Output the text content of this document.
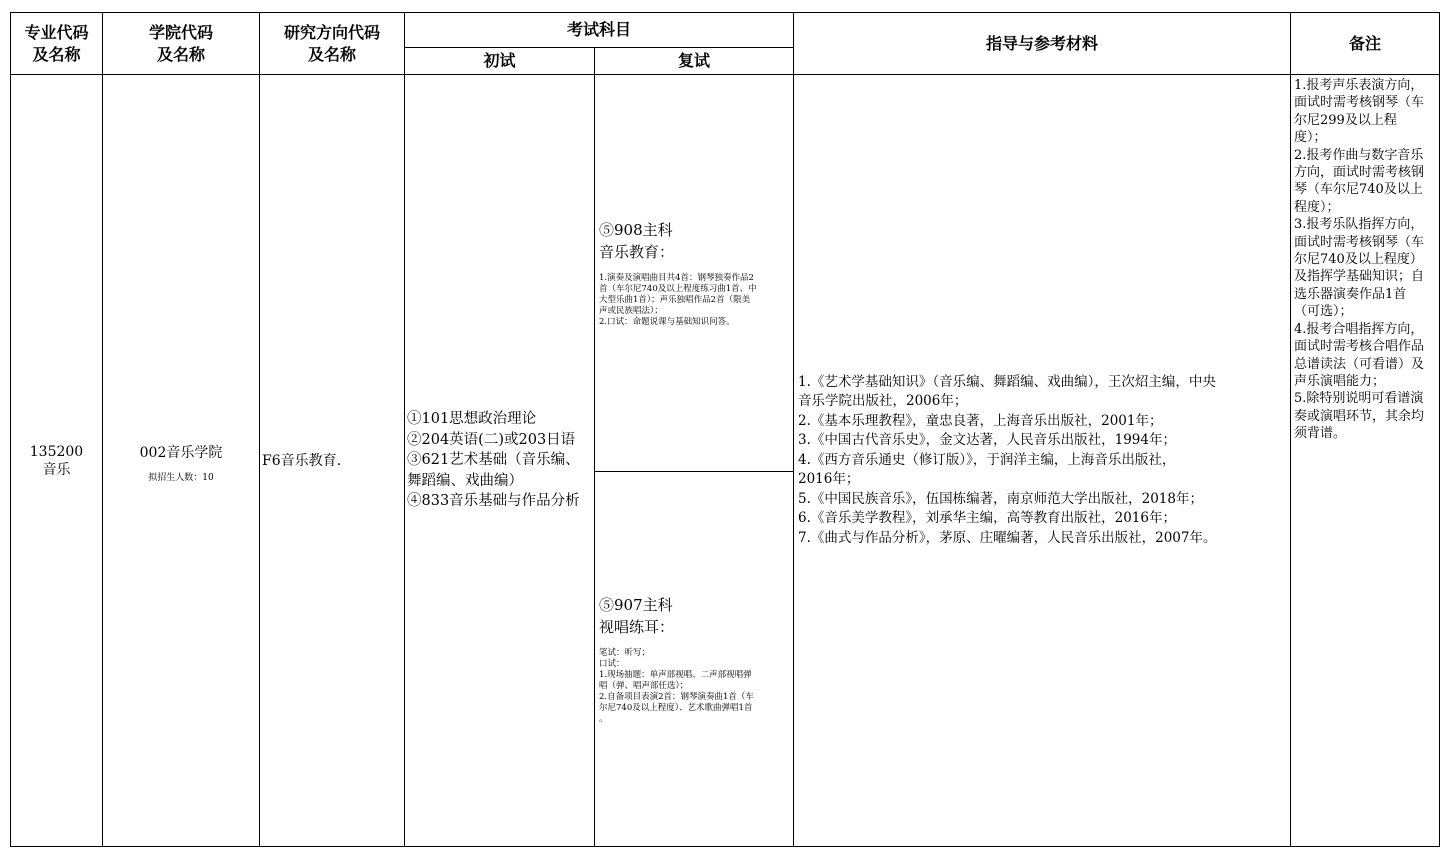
专业代码
及名称
学院代码
及名称
研究方向代码
及名称
考试科目
初试	复试
指导与参考材料	备注
135200
音乐
002音乐学院
拟招生人数：10
F6音乐教育.
①101思想政治理论
②204英语(二)或203日语
③621艺术基础（音乐编、
舞蹈编、戏曲编）
④833音乐基础与作品分析
⑤908主科
音乐教育：
1.演奏及演唱曲目共4首：钢琴独奏作品2
首（车尔尼740及以上程度练习曲1首、中
大型乐曲1首）；声乐独唱作品2首（限美
声或民族唱法）；
2.口试：命题说课与基础知识问答。
⑤907主科
视唱练耳：
笔试：听写；
口试：
1.现场抽题：单声部视唱、二声部视唱弹
唱（弹、唱声部任选）；
2.自备项目表演2首：钢琴演奏曲1首（车
尔尼740及以上程度）、艺术歌曲弹唱1首
。
1.《艺术学基础知识》（音乐编、舞蹈编、戏曲编），王次炤主编，中央
音乐学院出版社，2006年；
2.《基本乐理教程》，童忠良著，上海音乐出版社，2001年；
3.《中国古代音乐史》，金文达著，人民音乐出版社，1994年；
4.《西方音乐通史（修订版）》，于润洋主编，上海音乐出版社，
2016年；
5.《中国民族音乐》，伍国栋编著，南京师范大学出版社，2018年；
6.《音乐美学教程》，刘承华主编，高等教育出版社，2016年；
7.《曲式与作品分析》，茅原、庄曜编著，人民音乐出版社，2007年。
1.报考声乐表演方向，
面试时需考核钢琴（车
尔尼299及以上程
度）；
2.报考作曲与数字音乐
方向，面试时需考核钢
琴（车尔尼740及以上
程度）；
3.报考乐队指挥方向，
面试时需考核钢琴（车
尔尼740及以上程度）
及指挥学基础知识；自
选乐器演奏作品1首
（可选）；
4.报考合唱指挥方向，
面试时需考核合唱作品
总谱读法（可看谱）及
声乐演唱能力；
5.除特别说明可看谱演
奏或演唱环节，其余均
须背谱。
